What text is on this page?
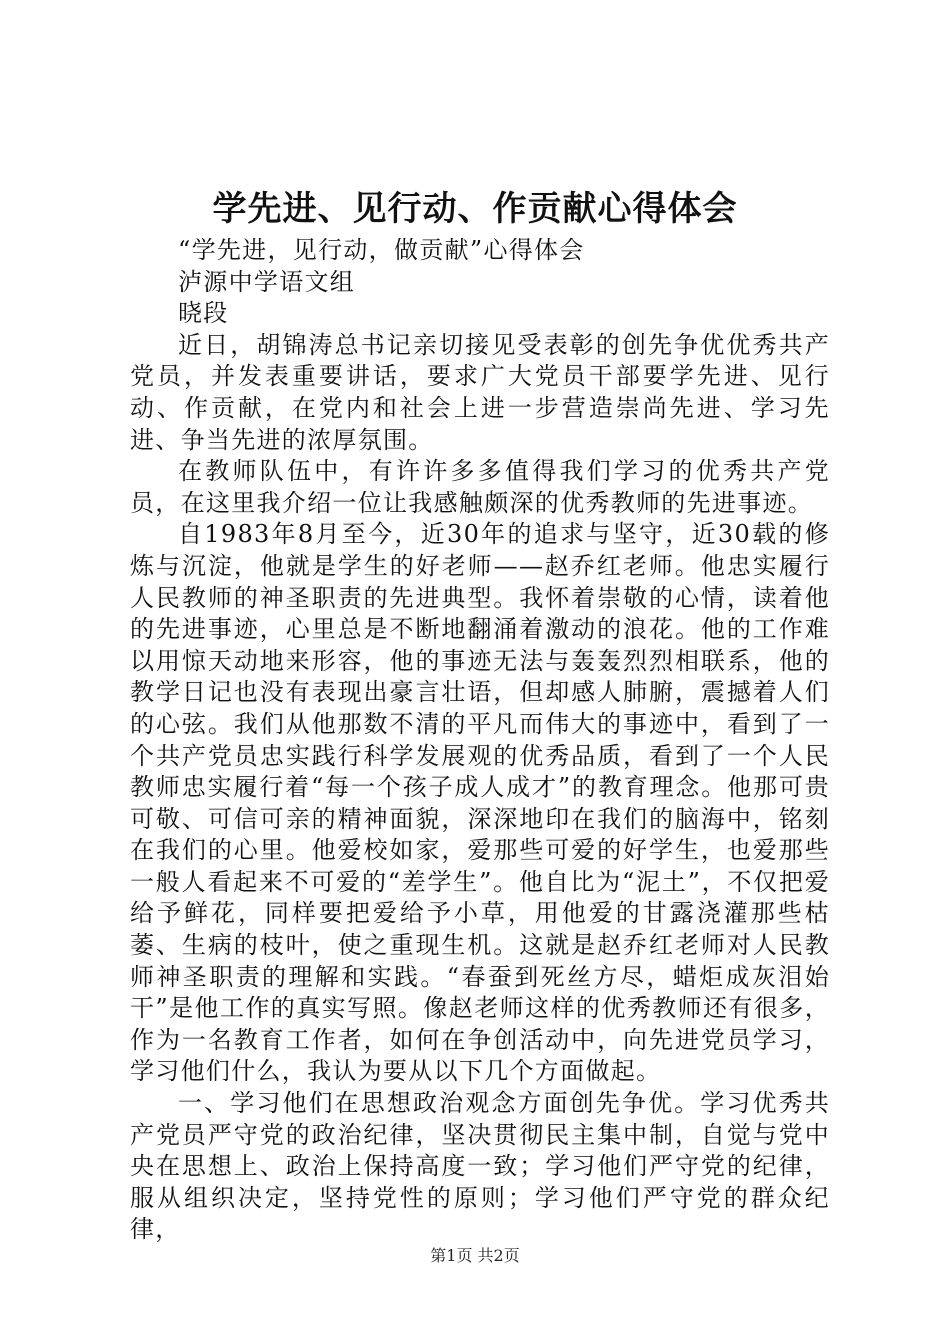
学先进、见行动、作贡献心得体会

“学先进，见行动，做贡献”心得体会

泸源中学语文组

晓段

近日，胡锦涛总书记亲切接见受表彰的创先争优优秀共产党员，并发表重要讲话，要求广大党员干部要学先进、见行动、作贡献，在党内和社会上进一步营造崇尚先进、学习先进、争当先进的浓厚氛围。

在教师队伍中，有许许多多值得我们学习的优秀共产党员，在这里我介绍一位让我感触颇深的优秀教师的先进事迹。

自1983年8月至今，近30年的追求与坚守，近30载的修炼与沉淀，他就是学生的好老师——赵乔红老师。他忠实履行人民教师的神圣职责的先进典型。我怀着崇敬的心情，读着他的先进事迹，心里总是不断地翻涌着激动的浪花。他的工作难以用惊天动地来形容，他的事迹无法与轰轰烈烈相联系，他的教学日记也没有表现出豪言壮语，但却感人肺腑，震撼着人们的心弦。我们从他那数不清的平凡而伟大的事迹中，看到了一个共产党员忠实践行科学发展观的优秀品质，看到了一个人民教师忠实履行着“每一个孩子成人成才”的教育理念。他那可贵可敬、可信可亲的精神面貌，深深地印在我们的脑海中，铭刻在我们的心里。他爱校如家，爱那些可爱的好学生，也爱那些一般人看起来不可爱的“差学生”。他自比为“泥土”，不仅把爱给予鲜花，同样要把爱给予小草，用他爱的甘露浇灌那些枯萎、生病的枝叶，使之重现生机。这就是赵乔红老师对人民教师神圣职责的理解和实践。“春蚕到死丝方尽，蜡炬成灰泪始干”是他工作的真实写照。像赵老师这样的优秀教师还有很多，作为一名教育工作者，如何在争创活动中，向先进党员学习，学习他们什么，我认为要从以下几个方面做起。

一、学习他们在思想政治观念方面创先争优。学习优秀共产党员严守党的政治纪律，坚决贯彻民主集中制，自觉与党中央在思想上、政治上保持高度一致；学习他们严守党的纪律，服从组织决定，坚持党性的原则；学习他们严守党的群众纪律，

第1页 共2页
